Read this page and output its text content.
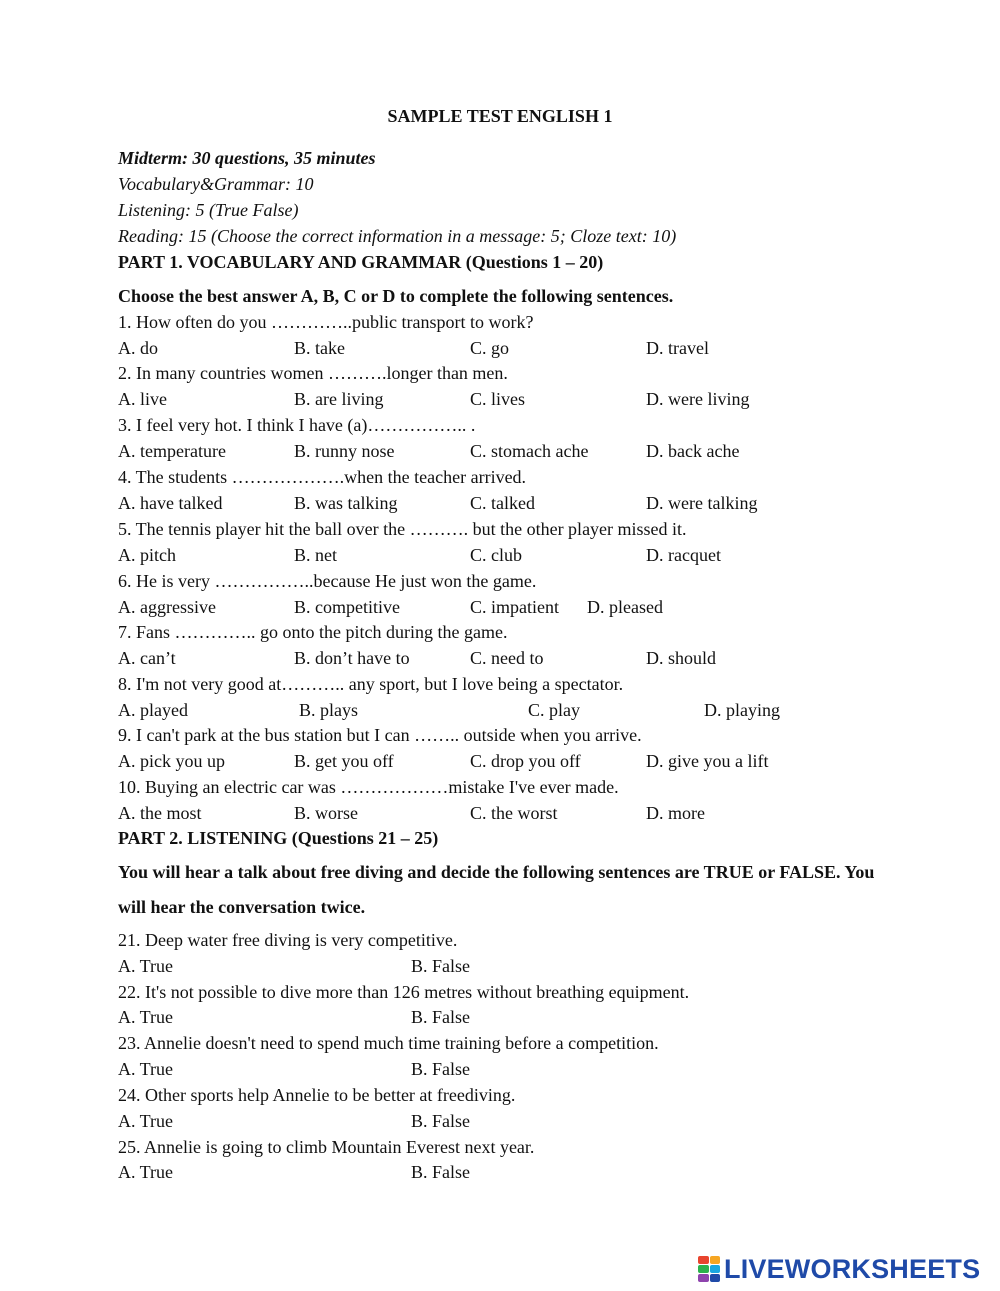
SAMPLE TEST ENGLISH 1
Midterm: 30 questions, 35 minutes
Vocabulary&Grammar: 10
Listening: 5 (True False)
Reading: 15 (Choose the correct information in a message: 5; Cloze text: 10)
PART 1. VOCABULARY AND GRAMMAR (Questions 1 – 20)
Choose the best answer A, B, C or D to complete the following sentences.
1. How often do you …………..public transport to work?
A. do	B. take	C. go	D. travel
2. In many countries women ……….longer than men.
A. live	B. are living	C. lives	D. were living
3. I feel very hot. I think I have (a)…………….. .
A. temperature	B. runny nose	C. stomach ache	D. back ache
4. The students ……………….when the teacher arrived.
A. have talked	B. was talking	C. talked	D. were talking
5. The tennis player hit the ball over the ………. but the other player missed it.
A. pitch	B. net	C. club	D. racquet
6. He is very ……………..because He just won the game.
A. aggressive	B. competitive	C. impatient D. pleased
7. Fans ………….. go onto the pitch during the game.
A. can’t	B. don’t have to	C. need to	D. should
8. I'm not very good at……….. any sport, but I love being a spectator.
A. played	B. plays	C. play	D. playing
9. I can't park at the bus station but I can …….. outside when you arrive.
A. pick you up	B. get you off	C. drop you off	D. give you a lift
10. Buying an electric car was ………………mistake I've ever made.
A. the most	B. worse	C. the worst	D. more
PART 2. LISTENING (Questions 21 – 25)
You will hear a talk about free diving and decide the following sentences are TRUE or FALSE. You
will hear the conversation twice.
21. Deep water free diving is very competitive.
A. True	B. False
22. It's not possible to dive more than 126 metres without breathing equipment.
A. True	B. False
23. Annelie doesn't need to spend much time training before a competition.
A. True	B. False
24. Other sports help Annelie to be better at freediving.
A. True	B. False
25. Annelie is going to climb Mountain Everest next year.
A. True	B. False
LIVEWORKSHEETS
